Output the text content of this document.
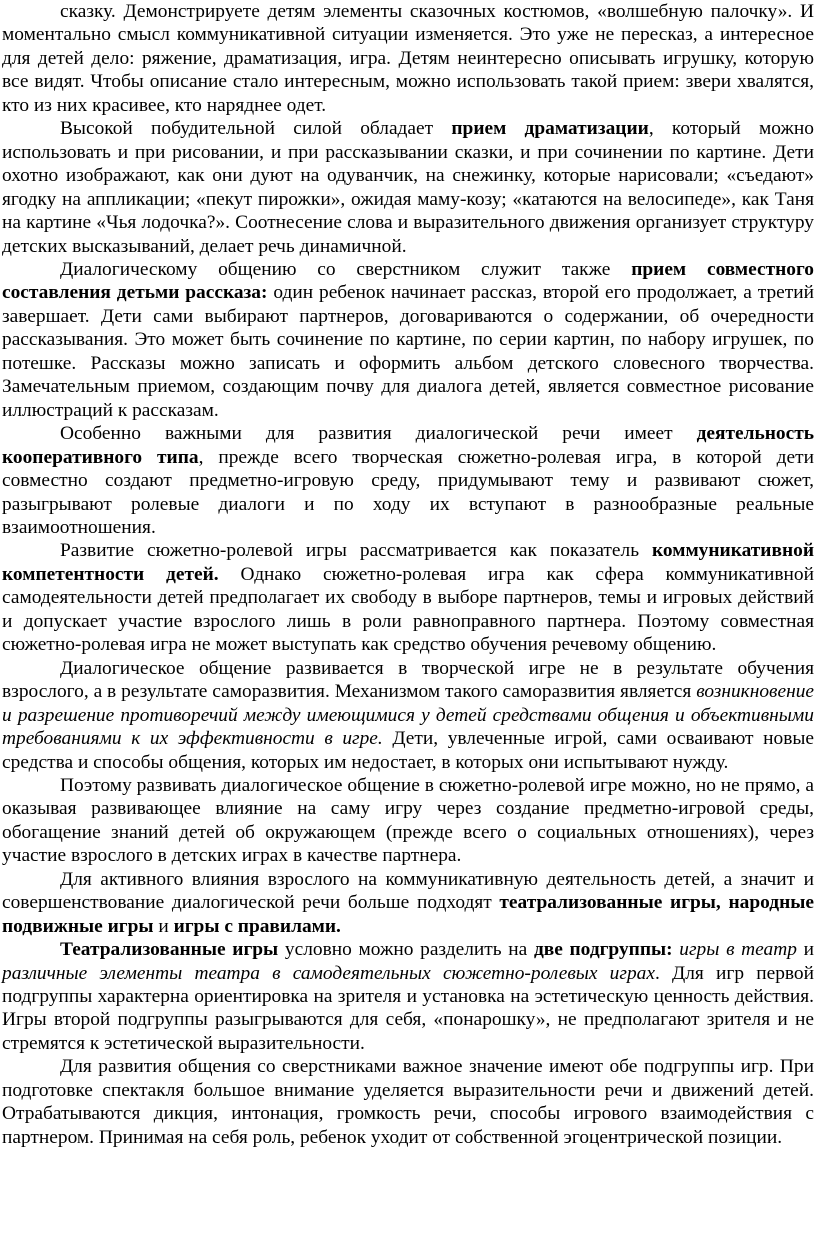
сказку. Демонстрируете детям элементы сказочных костюмов, «волшебную палочку». И моментально смысл коммуникативной ситуации изменяется. Это уже не пересказ, а интересное для детей дело: ряжение, драматизация, игра. Детям неинтересно описывать игрушку, которую все видят. Чтобы описание стало интересным, можно использовать такой прием: звери хвалятся, кто из них красивее, кто наряднее одет.

Высокой побудительной силой обладает прием драматизации, который можно использовать и при рисовании, и при рассказывании сказки, и при сочинении по картине. Дети охотно изображают, как они дуют на одуванчик, на снежинку, которые нарисовали; «съедают» ягодку на аппликации; «пекут пирожки», ожидая маму-козу; «катаются на велосипеде», как Таня на картине «Чья лодочка?». Соотнесение слова и выразительного движения организует структуру детских высказываний, делает речь динамичной.

Диалогическому общению со сверстником служит также прием совместного составления детьми рассказа: один ребенок начинает рассказ, второй его продолжает, а третий завершает. Дети сами выбирают партнеров, договариваются о содержании, об очередности рассказывания. Это может быть сочинение по картине, по серии картин, по набору игрушек, по потешке. Рассказы можно записать и оформить альбом детского словесного творчества. Замечательным приемом, создающим почву для диалога детей, является совместное рисование иллюстраций к рассказам.

Особенно важными для развития диалогической речи имеет деятельность кооперативного типа, прежде всего творческая сюжетно-ролевая игра, в которой дети совместно создают предметно-игровую среду, придумывают тему и развивают сюжет, разыгрывают ролевые диалоги и по ходу их вступают в разнообразные реальные взаимоотношения.

Развитие сюжетно-ролевой игры рассматривается как показатель коммуникативной компетентности детей. Однако сюжетно-ролевая игра как сфера коммуникативной самодеятельности детей предполагает их свободу в выборе партнеров, темы и игровых действий и допускает участие взрослого лишь в роли равноправного партнера. Поэтому совместная сюжетно-ролевая игра не может выступать как средство обучения речевому общению.

Диалогическое общение развивается в творческой игре не в результате обучения взрослого, а в результате саморазвития. Механизмом такого саморазвития является возникновение и разрешение противоречий между имеющимися у детей средствами общения и объективными требованиями к их эффективности в игре. Дети, увлеченные игрой, сами осваивают новые средства и способы общения, которых им недостает, в которых они испытывают нужду.

Поэтому развивать диалогическое общение в сюжетно-ролевой игре можно, но не прямо, а оказывая развивающее влияние на саму игру через создание предметно-игровой среды, обогащение знаний детей об окружающем (прежде всего о социальных отношениях), через участие взрослого в детских играх в качестве партнера.

Для активного влияния взрослого на коммуникативную деятельность детей, а значит и совершенствование диалогической речи больше подходят театрализованные игры, народные подвижные игры и игры с правилами.

Театрализованные игры условно можно разделить на две подгруппы: игры в театр и различные элементы театра в самодеятельных сюжетно-ролевых играх. Для игр первой подгруппы характерна ориентировка на зрителя и установка на эстетическую ценность действия. Игры второй подгруппы разыгрываются для себя, «понарошку», не предполагают зрителя и не стремятся к эстетической выразительности.

Для развития общения со сверстниками важное значение имеют обе подгруппы игр. При подготовке спектакля большое внимание уделяется выразительности речи и движений детей. Отрабатываются дикция, интонация, громкость речи, способы игрового взаимодействия с партнером. Принимая на себя роль, ребенок уходит от собственной эгоцентрической позиции.
